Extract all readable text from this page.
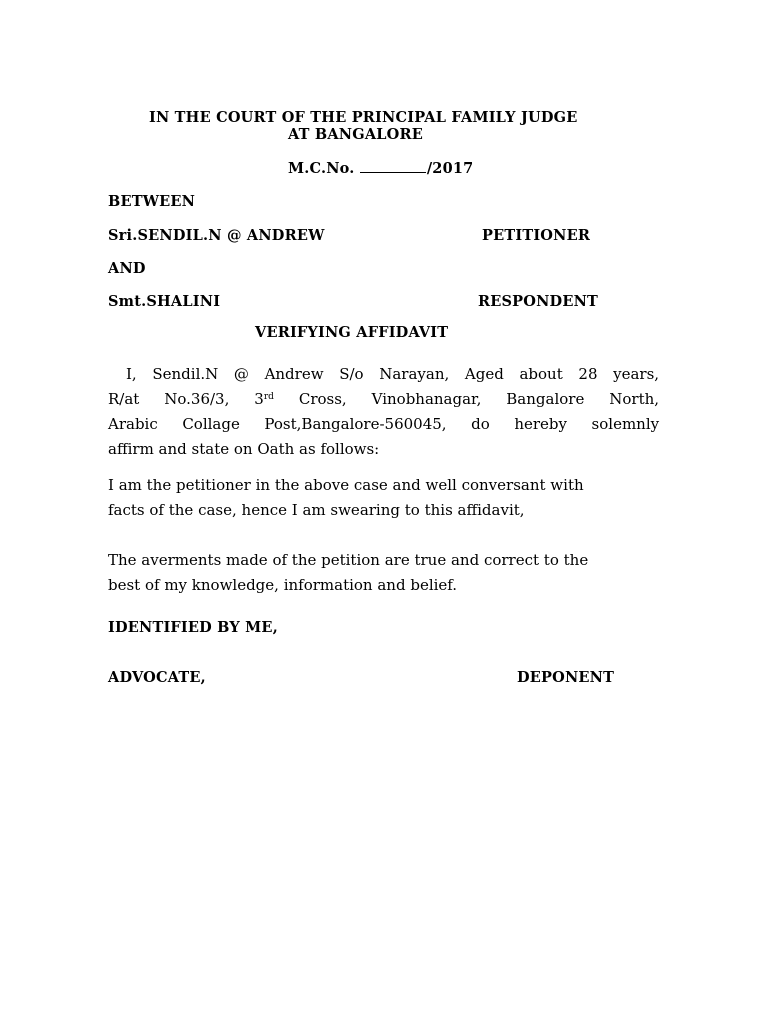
IN THE COURT OF THE PRINCIPAL FAMILY JUDGE
AT BANGALORE
M.C.No.	/2017
BETWEEN
Sri.SENDIL.N @ ANDREW	PETITIONER
AND
Smt.SHALINI	RESPONDENT
VERIFYING AFFIDAVIT
I, Sendil.N @ Andrew S/o Narayan, Aged about 28 years,
R/at No.36/3, 3rd Cross, Vinobhanagar, Bangalore North,
Arabic Collage Post,Bangalore-560045, do hereby solemnly
affirm and state on Oath as follows:
I am the petitioner in the above case and well conversant with
facts of the case, hence I am swearing to this affidavit,
The averments made of the petition are true and correct to the
best of my knowledge, information and belief.
IDENTIFIED BY ME,
ADVOCATE,	DEPONENT
